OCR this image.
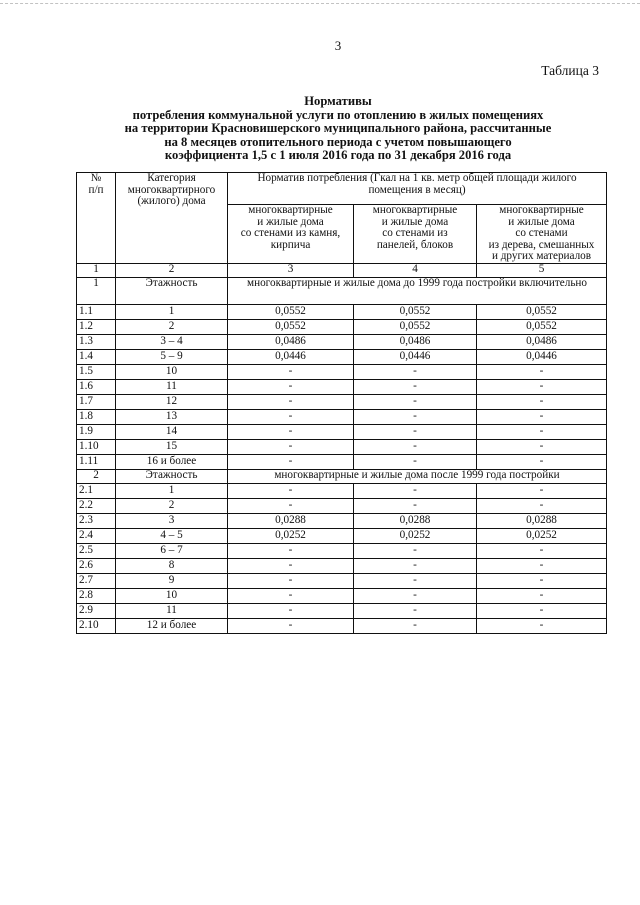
3
Таблица 3
Нормативы
потребления коммунальной услуги по отоплению в жилых помещениях
на территории Красновишерского муниципального района, рассчитанные
на 8 месяцев отопительного периода с учетом повышающего
коэффициента 1,5 с 1 июля 2016 года по 31 декабря 2016 года
№
п/п	Категория
многоквартирного
(жилого) дома	Норматив потребления (Гкал на 1 кв. метр общей площади жилого помещения в месяц)		
		многоквартирные
и жилые дома
со стенами из камня,
кирпича	многоквартирные
и жилые дома
со стенами из
панелей, блоков	многоквартирные
и жилые дома
со стенами
из дерева, смешанных
и других материалов
1	2	3	4	5
1	Этажность	многоквартирные и жилые дома до 1999 года постройки включительно		
1.1	1	0,0552	0,0552	0,0552
1.2	2	0,0552	0,0552	0,0552
1.3	3 – 4	0,0486	0,0486	0,0486
1.4	5 – 9	0,0446	0,0446	0,0446
1.5	10	-	-	-
1.6	11	-	-	-
1.7	12	-	-	-
1.8	13	-	-	-
1.9	14	-	-	-
1.10	15	-	-	-
1.11	16 и более	-	-	-
2	Этажность	многоквартирные и жилые дома после 1999 года постройки		
2.1	1	-	-	-
2.2	2	-	-	-
2.3	3	0,0288	0,0288	0,0288
2.4	4 – 5	0,0252	0,0252	0,0252
2.5	6 – 7	-	-	-
2.6	8	-	-	-
2.7	9	-	-	-
2.8	10	-	-	-
2.9	11	-	-	-
2.10	12 и более	-	-	-
